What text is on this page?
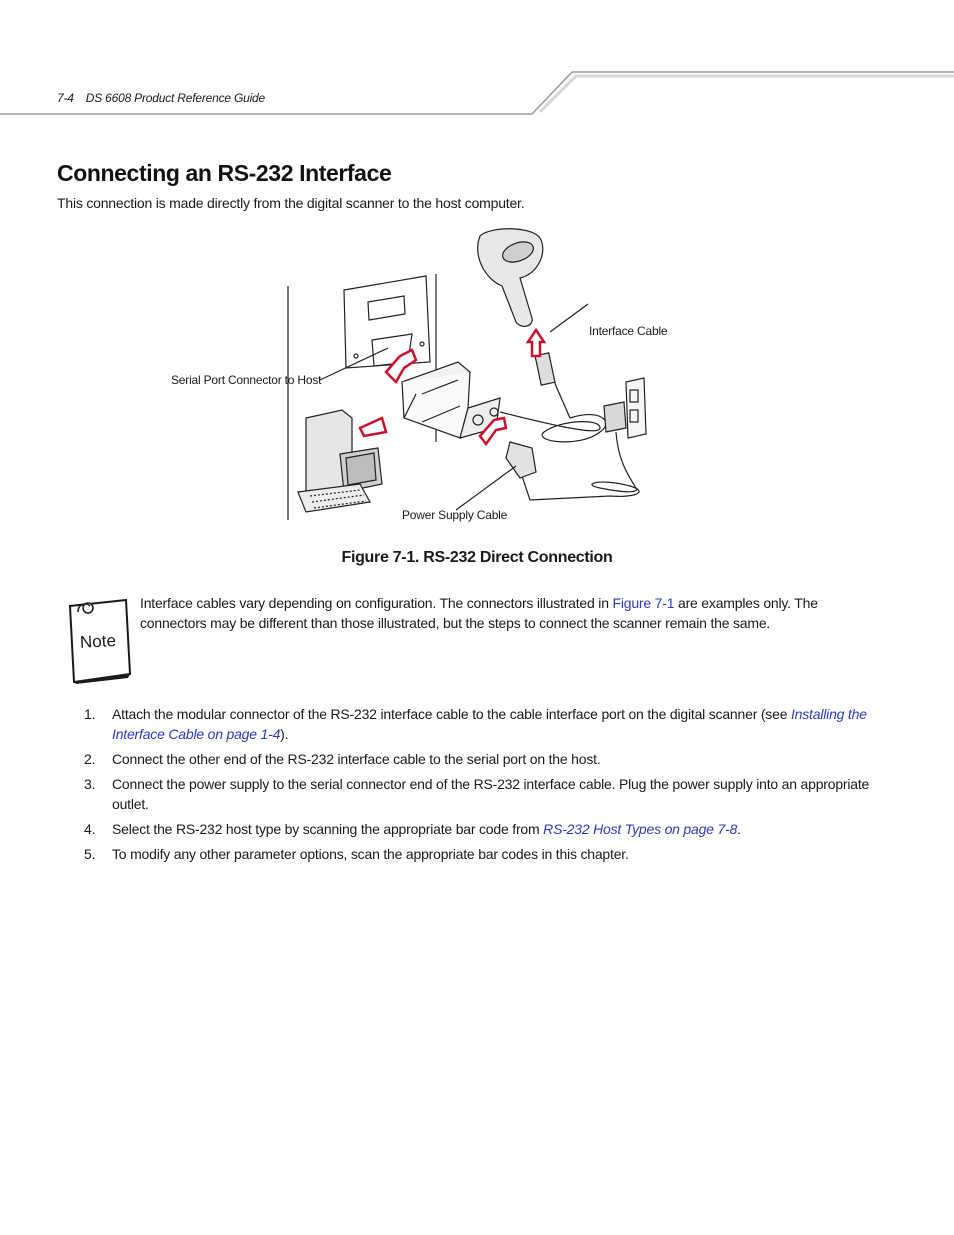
7-4 DS 6608 Product Reference Guide
Connecting an RS-232 Interface

This connection is made directly from the digital scanner to the host computer.

Interface Cable
Serial Port Connector to Host
Power Supply Cable
Figure 7-1. RS-232 Direct Connection
Note

Interface cables vary depending on configuration. The connectors illustrated in Figure 7-1 are examples only. The connectors may be different than those illustrated, but the steps to connect the scanner remain the same.

1. Attach the modular connector of the RS-232 interface cable to the cable interface port on the digital scanner (see Installing the Interface Cable on page 1-4).
2. Connect the other end of the RS-232 interface cable to the serial port on the host.
3. Connect the power supply to the serial connector end of the RS-232 interface cable. Plug the power supply into an appropriate outlet.
4. Select the RS-232 host type by scanning the appropriate bar code from RS-232 Host Types on page 7-8.
5. To modify any other parameter options, scan the appropriate bar codes in this chapter.
